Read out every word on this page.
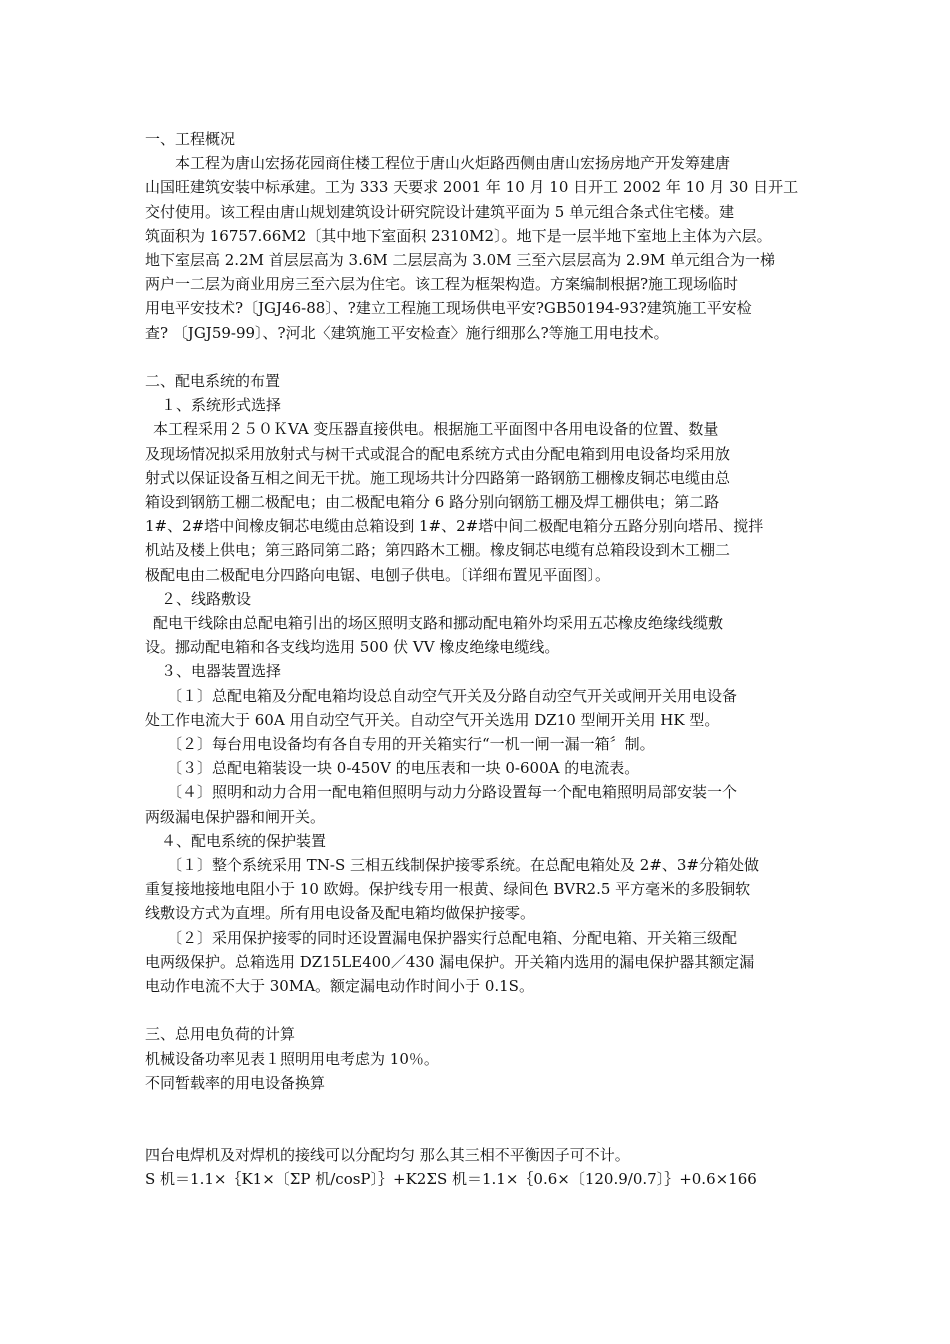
一、工程概况
本工程为唐山宏扬花园商住楼工程位于唐山火炬路西侧由唐山宏扬房地产开发筹建唐
山国旺建筑安装中标承建。工为 333 天要求 2001 年 10 月 10 日开工 2002 年 10 月 30 日开工
交付使用。该工程由唐山规划建筑设计研究院设计建筑平面为 5 单元组合条式住宅楼。建
筑面积为 16757.66M2〔其中地下室面积 2310M2〕。地下是一层半地下室地上主体为六层。
地下室层高 2.2M 首层层高为 3.6M 二层层高为 3.0M 三至六层层高为 2.9M 单元组合为一梯
两户一二层为商业用房三至六层为住宅。该工程为框架构造。方案编制根据?施工现场临时
用电平安技术?〔JGJ46-88〕、?建立工程施工现场供电平安?GB50194-93?建筑施工平安检
查? 〔JGJ59-99〕、?河北〈建筑施工平安检查〉施行细那么?等施工用电技术。
二、配电系统的布置
１、系统形式选择
本工程采用２５０ＫVA 变压器直接供电。根据施工平面图中各用电设备的位置、数量
及现场情况拟采用放射式与树干式或混合的配电系统方式由分配电箱到用电设备均采用放
射式以保证设备互相之间无干扰。施工现场共计分四路第一路钢筋工棚橡皮铜芯电缆由总
箱设到钢筋工棚二极配电；由二极配电箱分 6 路分别向钢筋工棚及焊工棚供电；第二路
1#、2#塔中间橡皮铜芯电缆由总箱设到 1#、2#塔中间二极配电箱分五路分别向塔吊、搅拌
机站及楼上供电；第三路同第二路；第四路木工棚。橡皮铜芯电缆有总箱段设到木工棚二
极配电由二极配电分四路向电锯、电刨子供电。〔详细布置见平面图〕。
２、线路敷设
配电干线除由总配电箱引出的场区照明支路和挪动配电箱外均采用五芯橡皮绝缘线缆敷
设。挪动配电箱和各支线均选用 500 伏 VV 橡皮绝缘电缆线。
３、电器装置选择
〔１〕总配电箱及分配电箱均设总自动空气开关及分路自动空气开关或闸开关用电设备
处工作电流大于 60A 用自动空气开关。自动空气开关选用 DZ10 型闸开关用 HK 型。
〔２〕每台用电设备均有各自专用的开关箱实行“一机一闸一漏一箱〞制。
〔３〕总配电箱装设一块 0-450V 的电压表和一块 0-600A 的电流表。
〔４〕照明和动力合用一配电箱但照明与动力分路设置每一个配电箱照明局部安装一个
两级漏电保护器和闸开关。
４、配电系统的保护装置
〔１〕整个系统采用 TN-S 三相五线制保护接零系统。在总配电箱处及 2#、3#分箱处做
重复接地接地电阻小于 10 欧姆。保护线专用一根黄、绿间色 BVR2.5 平方毫米的多股铜软
线敷设方式为直埋。所有用电设备及配电箱均做保护接零。
〔２〕采用保护接零的同时还设置漏电保护器实行总配电箱、分配电箱、开关箱三级配
电两级保护。总箱选用 DZ15LE400／430 漏电保护。开关箱内选用的漏电保护器其额定漏
电动作电流不大于 30MA。额定漏电动作时间小于 0.1S。
三、总用电负荷的计算
机械设备功率见表１照明用电考虑为 10％。
不同暂载率的用电设备换算
四台电焊机及对焊机的接线可以分配均匀 那么其三相不平衡因子可不计。
S 机＝1.1×｛K1×〔ΣP 机/cosP〕｝+K2ΣS 机＝1.1×｛0.6×〔120.9/0.7〕｝+0.6×166
